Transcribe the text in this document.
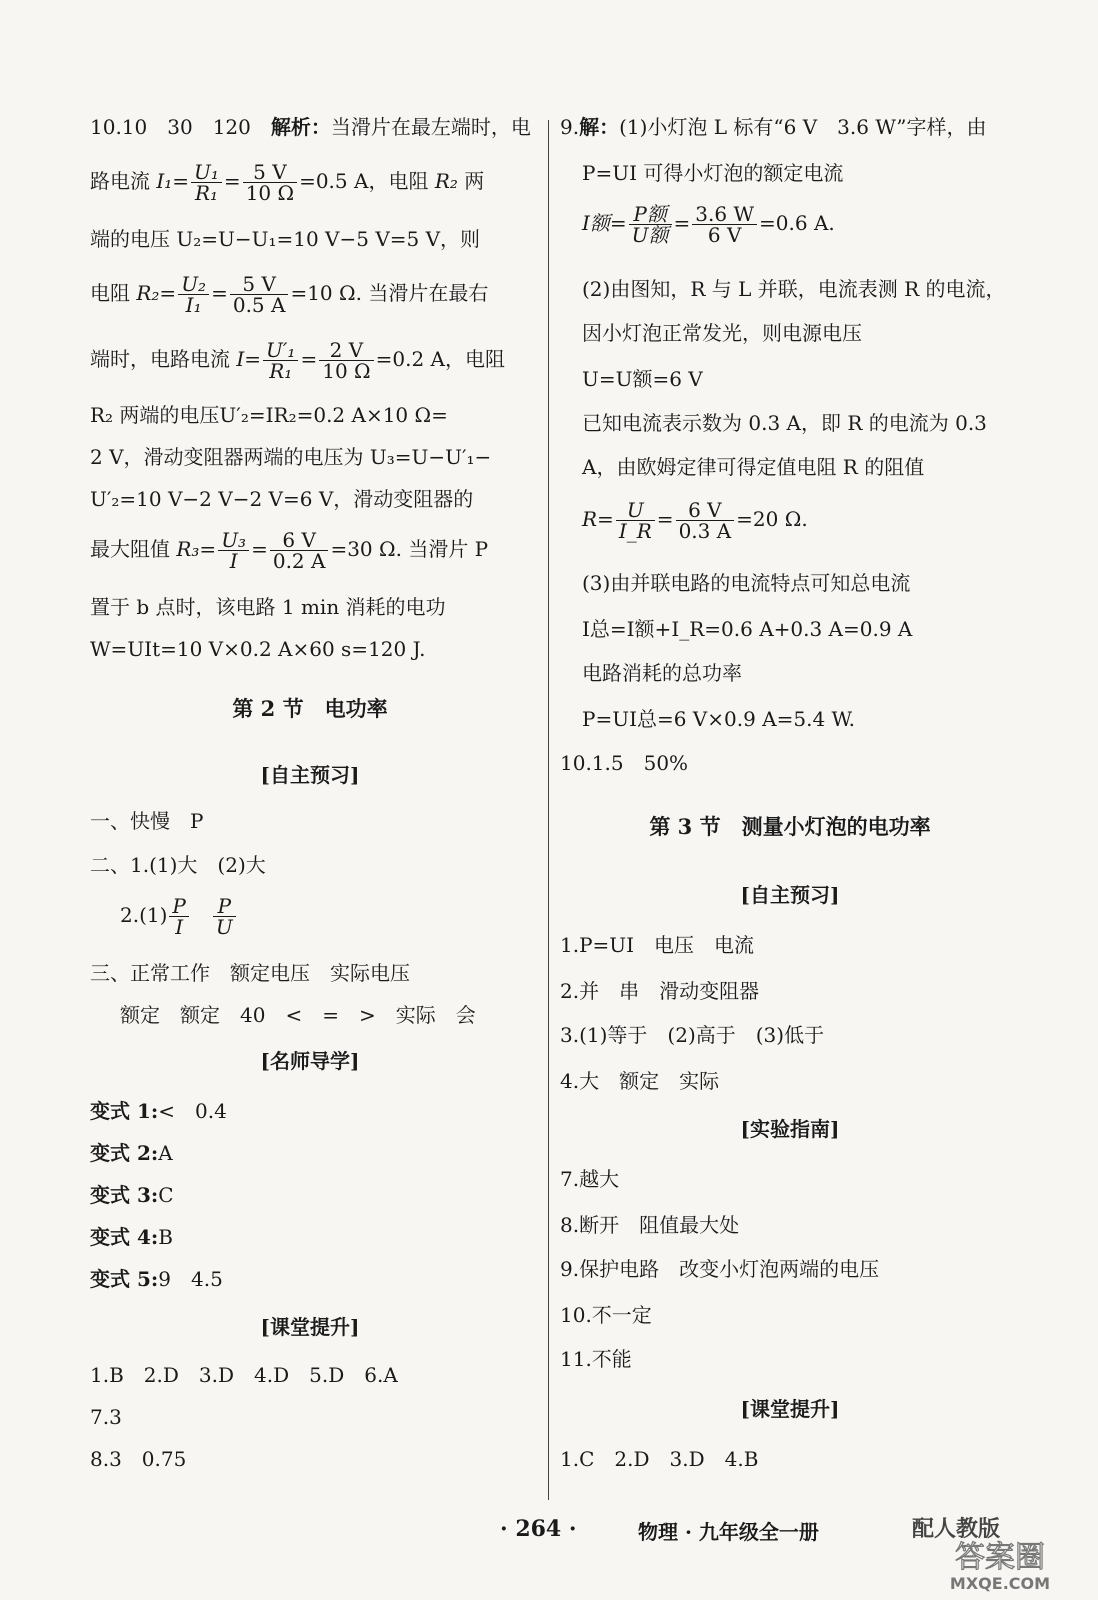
10.10　30　120　解析：当滑片在最左端时，电
路电流 $I_1= \frac{\text{U₁}}{\text{R₁}} = \frac{5 V}{10 \Omega} =0.5$ A，电阻 R₂ 两
端的电压 U₂=U−U₁=10 V−5 V=5 V，则
电阻 $R_2= \frac{\text{U₂}}{\text{I₁}} = \frac{5 V}{0.5 A} =10$ Ω. 当滑片在最右
端时，电路电流 $I= \frac{\text{U′₁}}{\text{R₁}} = \frac{2 V}{10 \Omega} =0.2$ A，电阻
R₂ 两端的电压U′₂=IR₂=0.2 A×10 Ω=
2 V，滑动变阻器两端的电压为 U₃=U−U′₁−
U′₂=10 V−2 V−2 V=6 V，滑动变阻器的
最大阻值 $R_3= \frac{\text{U₃}}{I} = \frac{6 V}{0.2 A} =30$ Ω. 当滑片 P
置于 b 点时，该电路 1 min 消耗的电功
W=UIt=10 V×0.2 A×60 s=120 J.
第 2 节　电功率
[自主预习]
一、快慢　P
二、1.(1)大　(2)大
$2.(1) \frac{P}{I}$
　 $\frac{P}{U}$
三、正常工作　额定电压　实际电压
额定　额定　40　<　=　>　实际　会
[名师导学]
变式 1:<　0.4
变式 2:A
变式 3:C
变式 4:B
变式 5:9　4.5
[课堂提升]
1.B　2.D　3.D　4.D　5.D　6.A
7.3
8.3　0.75
9.解：(1)小灯泡 L 标有“6 V　3.6 W”字样，由
P=UI 可得小灯泡的额定电流
I额= $\frac{\text{P额}}{\text{U额}} = \frac{3.6 W}{6 V} =0.6$ A.
(2)由图知，R 与 L 并联，电流表测 R 的电流，
因小灯泡正常发光，则电源电压
U=U额=6 V
已知电流表示数为 0.3 A，即 R 的电流为 0.3
A，由欧姆定律可得定值电阻 R 的阻值
$R= \frac{U}{I\_R} = \frac{6 V}{0.3 A} =20$ Ω.
(3)由并联电路的电流特点可知总电流
I总=I额+I_R=0.6 A+0.3 A=0.9 A
电路消耗的总功率
P=UI总=6 V×0.9 A=5.4 W.
10.1.5　50%
第 3 节　测量小灯泡的电功率
[自主预习]
1.P=UI　电压　电流
2.并　串　滑动变阻器
3.(1)等于　(2)高于　(3)低于
4.大　额定　实际
[实验指南]
7.越大
8.断开　阻值最大处
9.保护电路　改变小灯泡两端的电压
10.不一定
11.不能
[课堂提升]
1.C　2.D　3.D　4.B
· 264 ·	物理 · 九年级全一册	配人教版
答案圈
MXQE.COM
